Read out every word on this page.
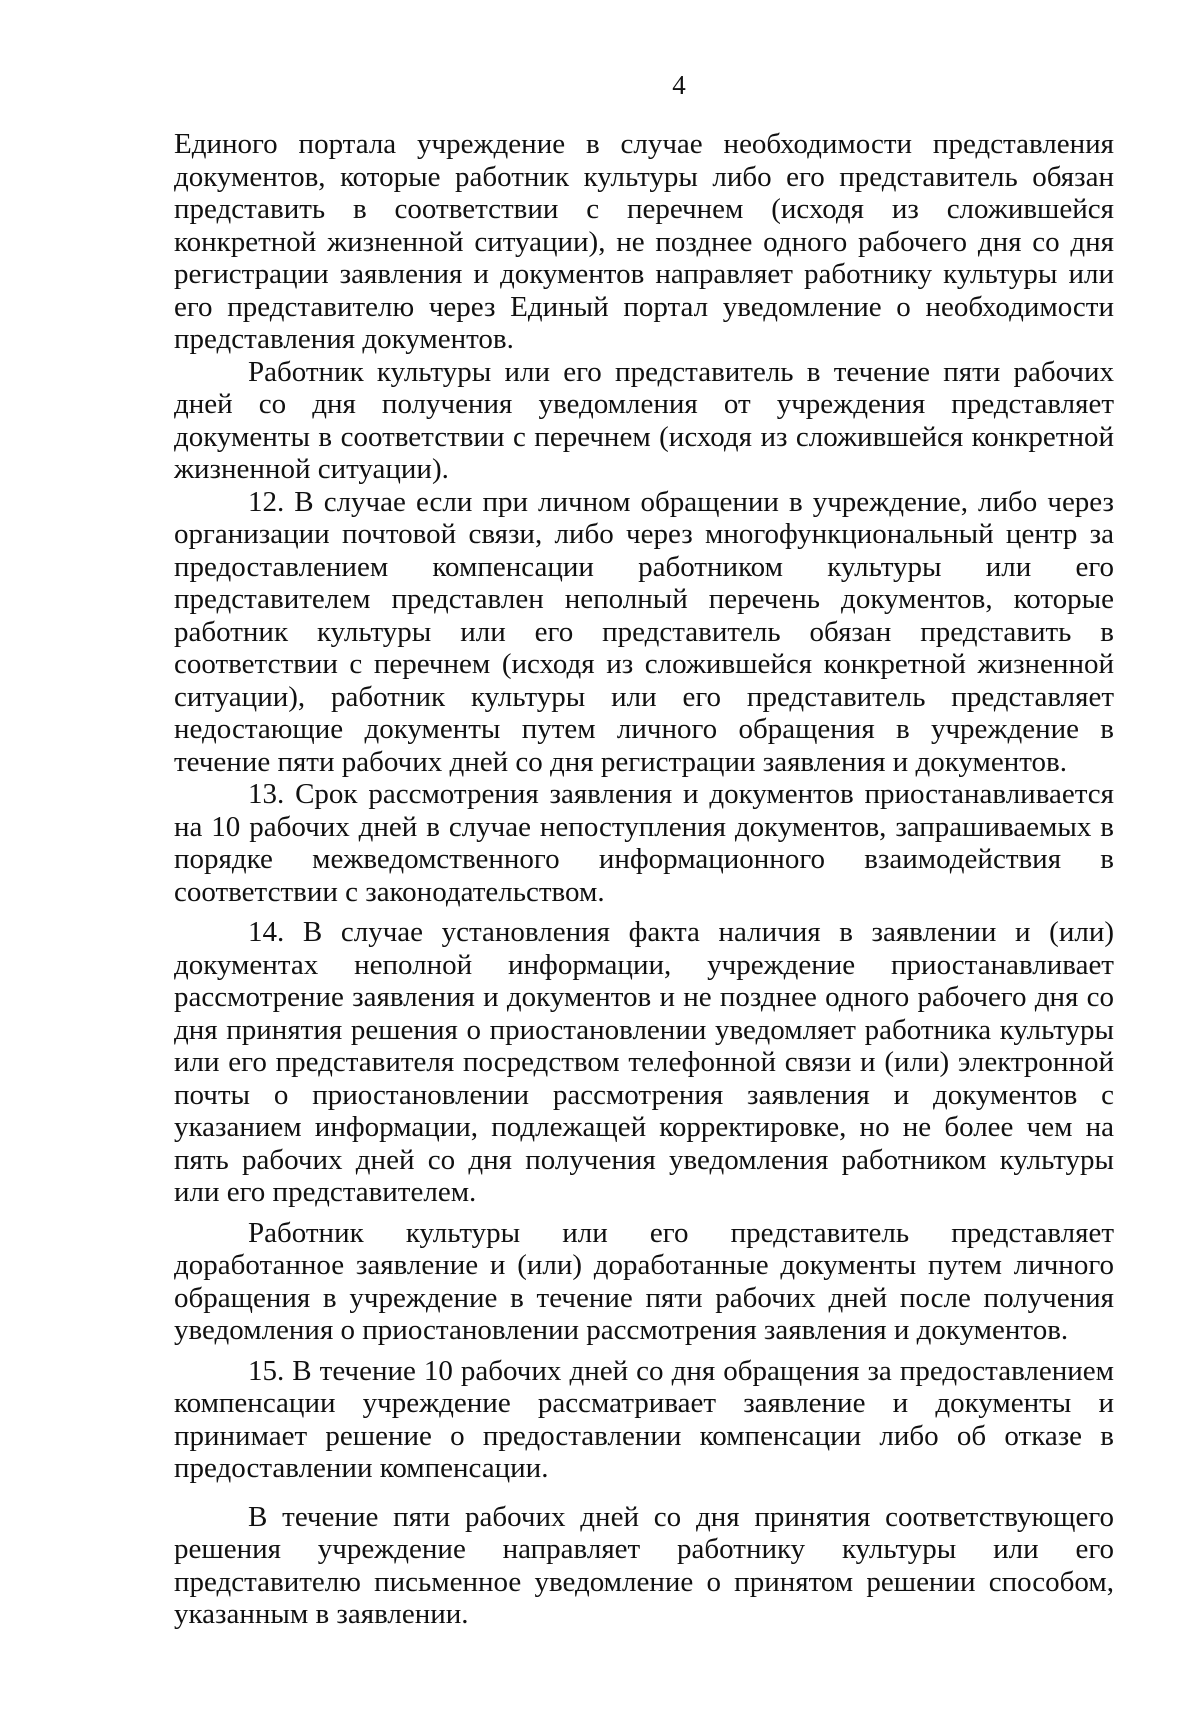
4

Единого портала учреждение в случае необходимости представления документов, которые работник культуры либо его представитель обязан представить в соответствии с перечнем (исходя из сложившейся конкретной жизненной ситуации), не позднее одного рабочего дня со дня регистрации заявления и документов направляет работнику культуры или его представителю через Единый портал уведомление о необходимости представления документов.

Работник культуры или его представитель в течение пяти рабочих дней со дня получения уведомления от учреждения представляет документы в соответствии с перечнем (исходя из сложившейся конкретной жизненной ситуации).

12. В случае если при личном обращении в учреждение, либо через организации почтовой связи, либо через многофункциональный центр за предоставлением компенсации работником культуры или его представителем представлен неполный перечень документов, которые работник культуры или его представитель обязан представить в соответствии с перечнем (исходя из сложившейся конкретной жизненной ситуации), работник культуры или его представитель представляет недостающие документы путем личного обращения в учреждение в течение пяти рабочих дней со дня регистрации заявления и документов.

13. Срок рассмотрения заявления и документов приостанавливается на 10 рабочих дней в случае непоступления документов, запрашиваемых в порядке межведомственного информационного взаимодействия в соответствии с законодательством.

14. В случае установления факта наличия в заявлении и (или) документах неполной информации, учреждение приостанавливает рассмотрение заявления и документов и не позднее одного рабочего дня со дня принятия решения о приостановлении уведомляет работника культуры или его представителя посредством телефонной связи и (или) электронной почты о приостановлении рассмотрения заявления и документов с указанием информации, подлежащей корректировке, но не более чем на пять рабочих дней со дня получения уведомления работником культуры или его представителем.

Работник культуры или его представитель представляет доработанное заявление и (или) доработанные документы путем личного обращения в учреждение в течение пяти рабочих дней после получения уведомления о приостановлении рассмотрения заявления и документов.

15. В течение 10 рабочих дней со дня обращения за предоставлением компенсации учреждение рассматривает заявление и документы и принимает решение о предоставлении компенсации либо об отказе в предоставлении компенсации.

В течение пяти рабочих дней со дня принятия соответствующего решения учреждение направляет работнику культуры или его представителю письменное уведомление о принятом решении способом, указанным в заявлении.
